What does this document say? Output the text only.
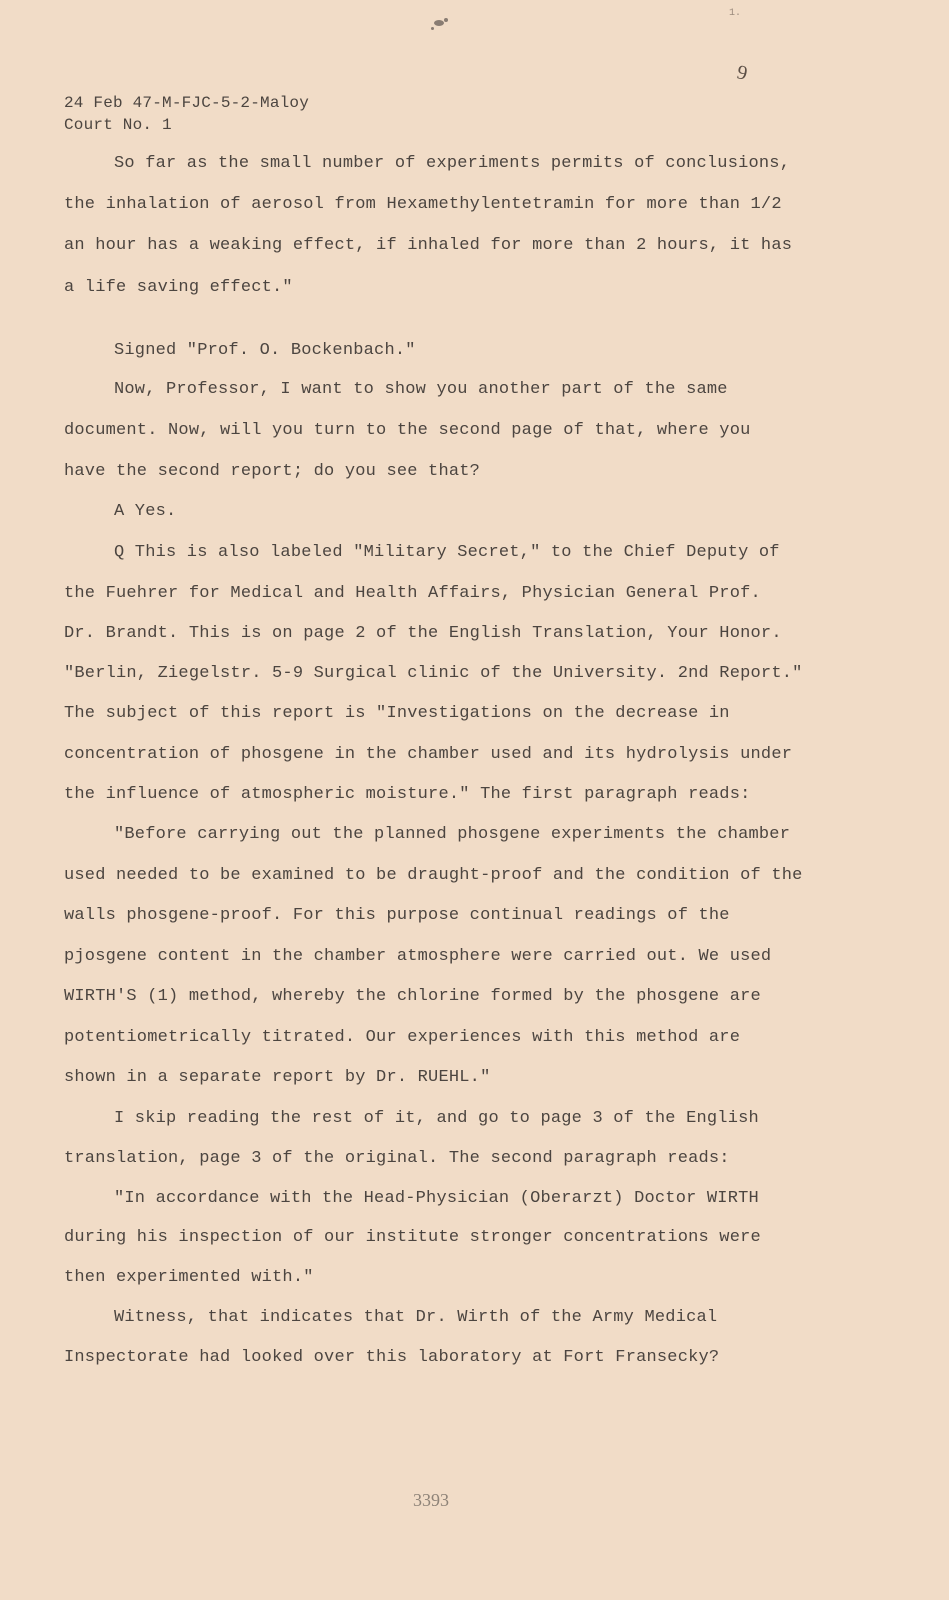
1.
9
24 Feb 47-M-FJC-5-2-Maloy
Court No. 1
So far as the small number of experiments permits of conclusions,
the inhalation of aerosol from Hexamethylentetramin for more than 1/2
an hour has a weaking effect, if inhaled for more than 2 hours, it has
a life saving effect."
Signed "Prof. O. Bockenbach."
Now, Professor, I want to show you another part of the same
document. Now, will you turn to the second page of that, where you
have the second report; do you see that?
A Yes.
Q This is also labeled "Military Secret," to the Chief Deputy of
the Fuehrer for Medical and Health Affairs, Physician General Prof.
Dr. Brandt. This is on page 2 of the English Translation, Your Honor.
"Berlin, Ziegelstr. 5-9 Surgical clinic of the University. 2nd Report."
The subject of this report is "Investigations on the decrease in
concentration of phosgene in the chamber used and its hydrolysis under
the influence of atmospheric moisture." The first paragraph reads:
"Before carrying out the planned phosgene experiments the chamber
used needed to be examined to be draught-proof and the condition of the
walls phosgene-proof. For this purpose continual readings of the
pjosgene content in the chamber atmosphere were carried out. We used
WIRTH'S (1) method, whereby the chlorine formed by the phosgene are
potentiometrically titrated. Our experiences with this method are
shown in a separate report by Dr. RUEHL."
I skip reading the rest of it, and go to page 3 of the English
translation, page 3 of the original. The second paragraph reads:
"In accordance with the Head-Physician (Oberarzt) Doctor WIRTH
during his inspection of our institute stronger concentrations were
then experimented with."
Witness, that indicates that Dr. Wirth of the Army Medical
Inspectorate had looked over this laboratory at Fort Fransecky?
3393
